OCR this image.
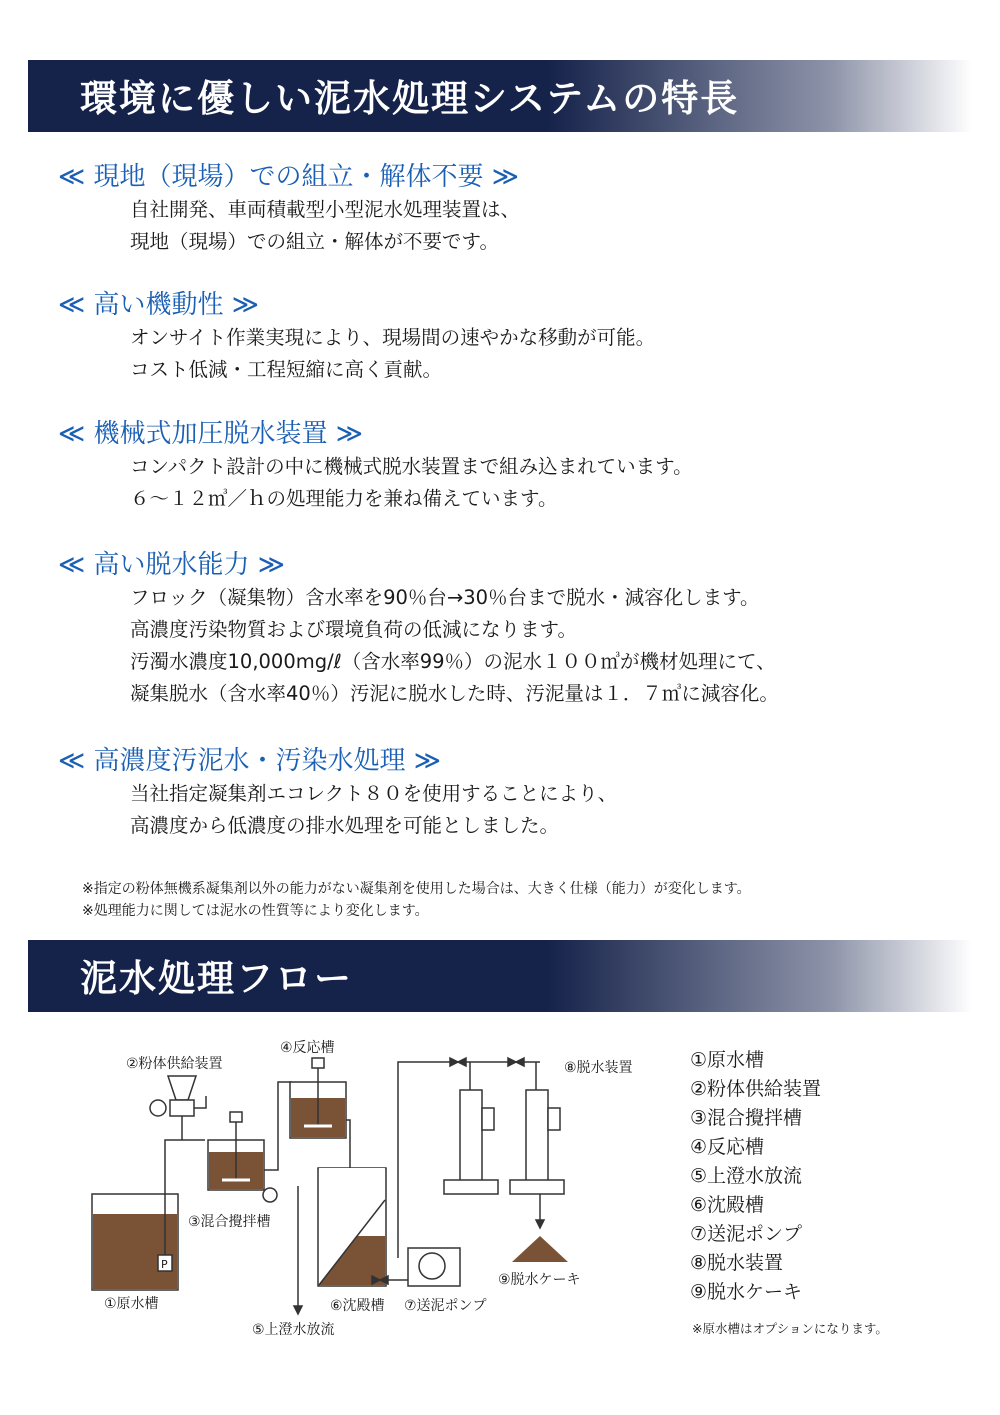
環境に優しい泥水処理システムの特長
≪ 現地（現場）での組立・解体不要 ≫
自社開発、車両積載型小型泥水処理装置は、
現地（現場）での組立・解体が不要です。
≪ 高い機動性 ≫
オンサイト作業実現により、現場間の速やかな移動が可能。
コスト低減・工程短縮に高く貢献。
≪ 機械式加圧脱水装置 ≫
コンパクト設計の中に機械式脱水装置まで組み込まれています。
６～１２㎥／ｈの処理能力を兼ね備えています。
≪ 高い脱水能力 ≫
フロック（凝集物）含水率を90％台→30％台まで脱水・減容化します。
高濃度汚染物質および環境負荷の低減になります。
汚濁水濃度10,000mg/ℓ（含水率99％）の泥水１００㎥が機材処理にて、
凝集脱水（含水率40％）汚泥に脱水した時、汚泥量は１．７㎥に減容化。
≪ 高濃度汚泥水・汚染水処理 ≫
当社指定凝集剤エコレクト８０を使用することにより、
高濃度から低濃度の排水処理を可能としました。
※指定の粉体無機系凝集剤以外の能力がない凝集剤を使用した場合は、大きく仕様（能力）が変化します。
※処理能力に関しては泥水の性質等により変化します。
泥水処理フロー
P
①原水槽
②粉体供給装置
③混合攪拌槽
④反応槽
⑤上澄水放流
⑥沈殿槽 ⑦送泥ポンプ
⑧脱水装置
⑨脱水ケーキ
①原水槽
②粉体供給装置
③混合攪拌槽
④反応槽
⑤上澄水放流
⑥沈殿槽
⑦送泥ポンプ
⑧脱水装置
⑨脱水ケーキ
※原水槽はオプションになります。
